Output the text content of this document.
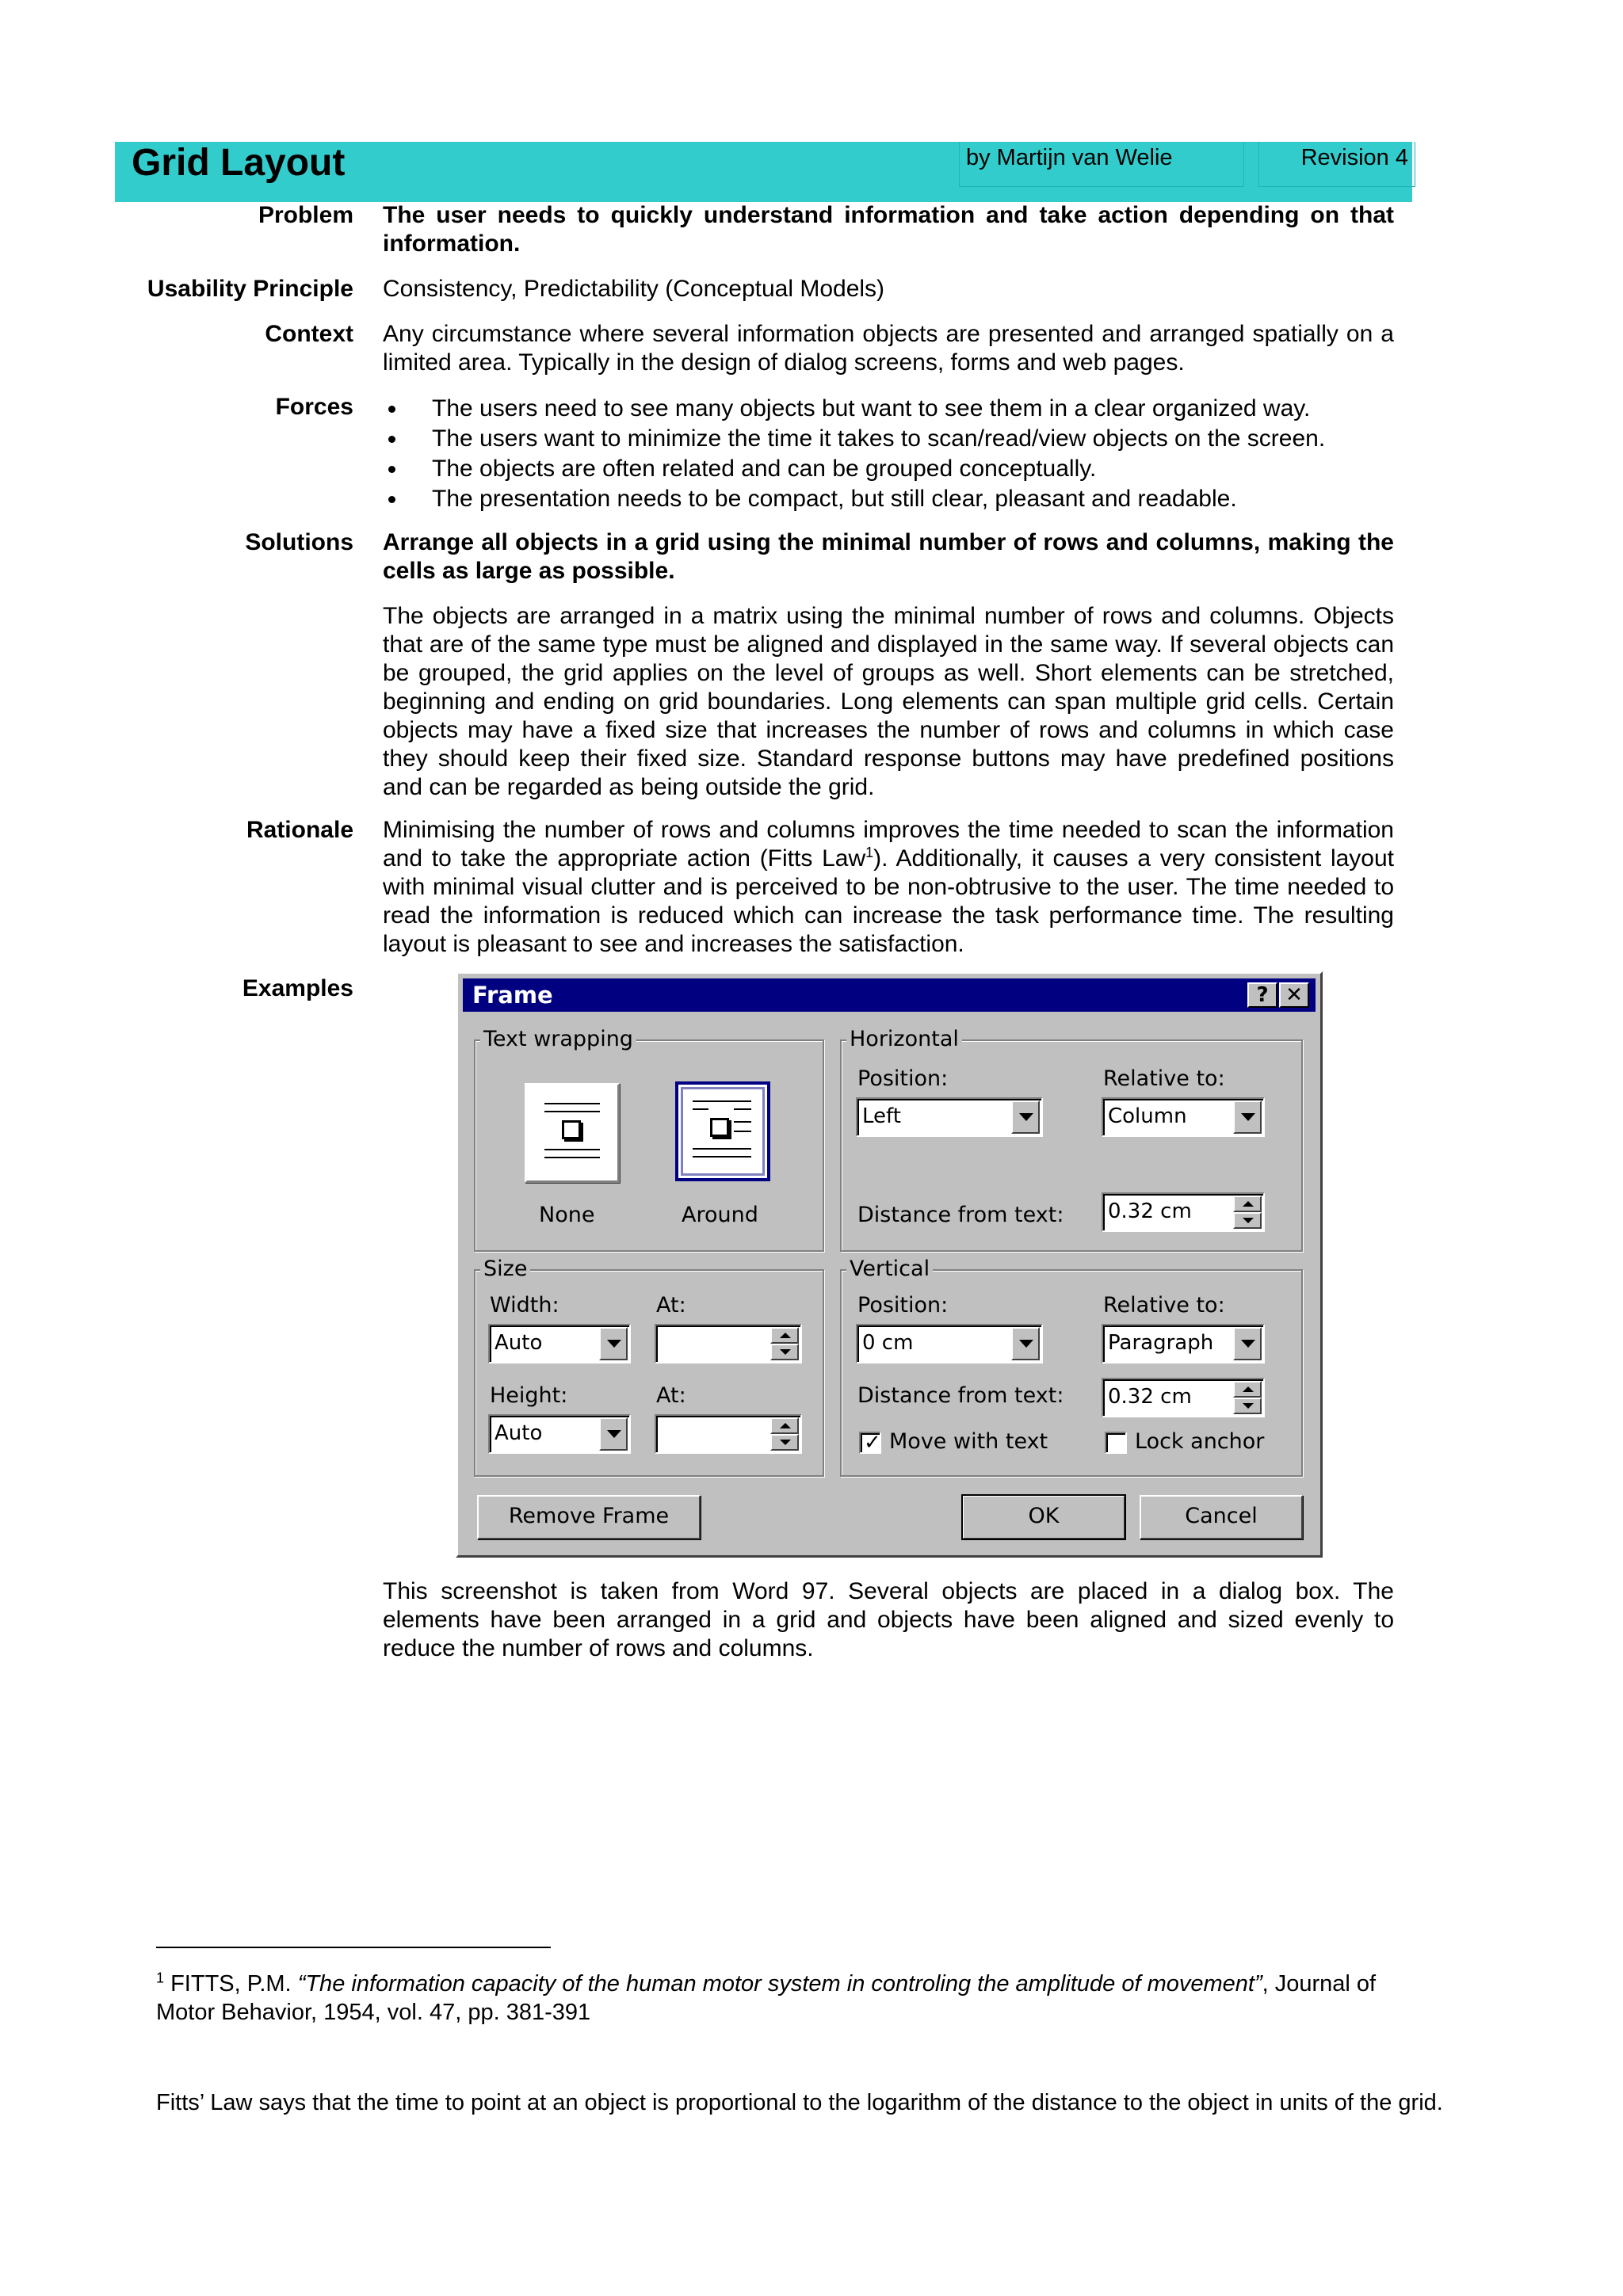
Grid Layout	by Martijn van Welie	Revision 4
Problem The user needs to quickly understand information and take action depending on that information.
Usability Principle Consistency, Predictability (Conceptual Models)
Context Any circumstance where several information objects are presented and arranged spatially on a limited area. Typically in the design of dialog screens, forms and web pages.
Forces	The users need to see many objects but want to see them in a clear organized way.
The users want to minimize the time it takes to scan/read/view objects on the screen.
The objects are often related and can be grouped conceptually.
The presentation needs to be compact, but still clear, pleasant and readable.
Solutions Arrange all objects in a grid using the minimal number of rows and columns, making the cells as large as possible.
The objects are arranged in a matrix using the minimal number of rows and columns. Objects that are of the same type must be aligned and displayed in the same way. If several objects can be grouped, the grid applies on the level of groups as well. Short elements can be stretched, beginning and ending on grid boundaries. Long elements can span multiple grid cells. Certain objects may have a fixed size that increases the number of rows and columns in which case they should keep their fixed size. Standard response buttons may have predefined positions and can be regarded as being outside the grid.
Rationale Minimising the number of rows and columns improves the time needed to scan the information and to take the appropriate action (Fitts Law$^1$). Additionally, it causes a very consistent layout with minimal visual clutter and is perceived to be non-obtrusive to the user. The time needed to read the information is reduced which can increase the task performance time. The resulting layout is pleasant to see and increases the satisfaction.
Examples	Frame	? ✕
Text wrapping
None	Around
Horizontal
Position:
Left
Relative to:
Column
Distance from text:	0.32 cm
Size
Width:
Auto
At:
Height:
Auto
At:
Vertical
Position:
0 cm
Relative to:
Paragraph
Distance from text:	0.32 cm
✓ Move with text	Lock anchor
Remove Frame	OK	Cancel
This screenshot is taken from Word 97. Several objects are placed in a dialog box. The elements have been arranged in a grid and objects have been aligned and sized evenly to reduce the number of rows and columns.
$^1$ FITTS, P.M. “The information capacity of the human motor system in controling the amplitude of movement”, Journal of
Motor Behavior, 1954, vol. 47, pp. 381-391
Fitts’ Law says that the time to point at an object is proportional to the logarithm of the distance to the object in units of the grid.
